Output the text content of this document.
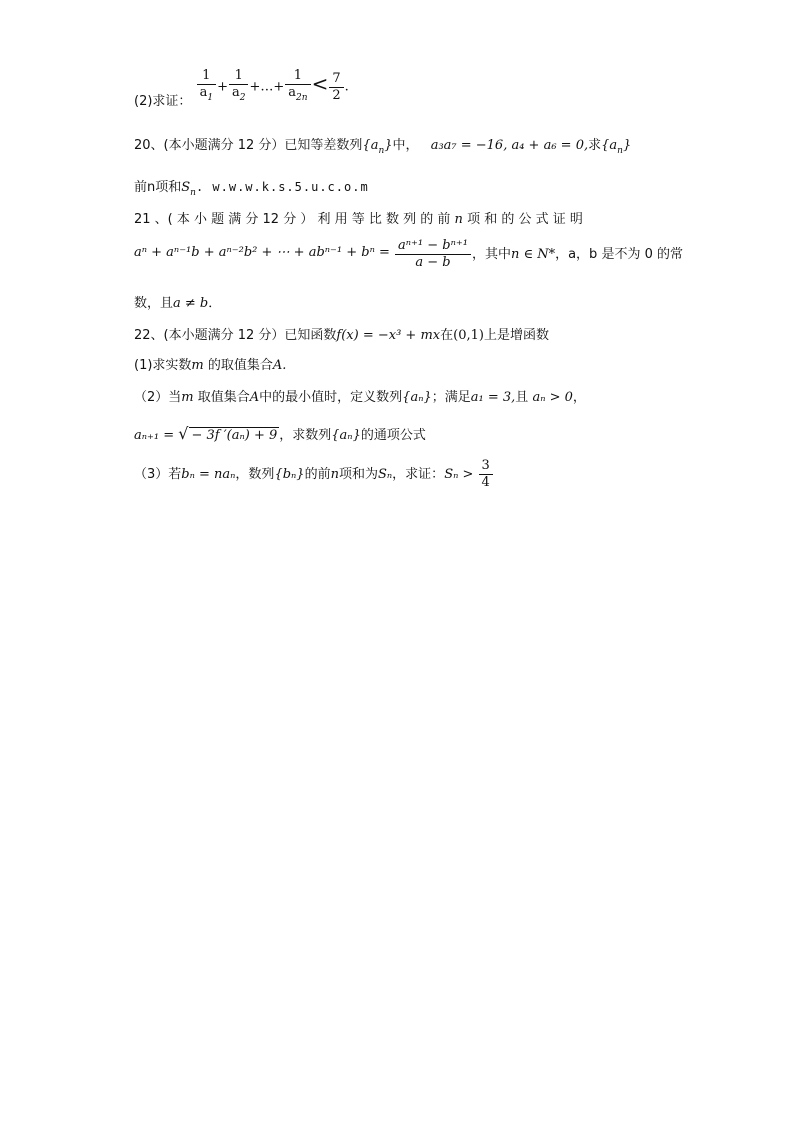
(2)求证： $\frac{1}{a_1} + \frac{1}{a_2}$ +…+ $\frac{1}{a_{2n}} < \frac{7}{2}$ .
20、(本小题满分 12 分）已知等差数列$\{a_n\}$中， a₃a₇ = −16, a₄ + a₆ = 0,求$\{a_n\}$
前n项和$S_n$. w.w.w.k.s.5.u.c.o.m
21 、( 本 小 题 满 分 12 分 ） 利 用 等 比 数 列 的 前 n 项 和 的 公 式 证 明
aⁿ + aⁿ⁻¹b + aⁿ⁻²b² + ⋯ + $ab^{n-1} + b^n = \frac{\text{aⁿ⁺¹ − bⁿ⁺¹}}{a - b}$ ，其中n ∈ N*，a，b 是不为 0 的常
数，且a ≠ b．
22、(本小题满分 12 分）已知函数f(x) = −x³ + mx在(0,1)上是增函数
(1)求实数m 的取值集合A.
（2）当m 取值集合A中的最小值时，定义数列{aₙ}；满足a₁ = 3,且 aₙ > 0，
aₙ₊₁ = √ − 3f ′(aₙ) + 9 ，求数列{aₙ}的通项公式
（3）若bₙ = naₙ，数列{bₙ}的前n项和为Sₙ，求证：$S_n > \frac{3}{4}$
